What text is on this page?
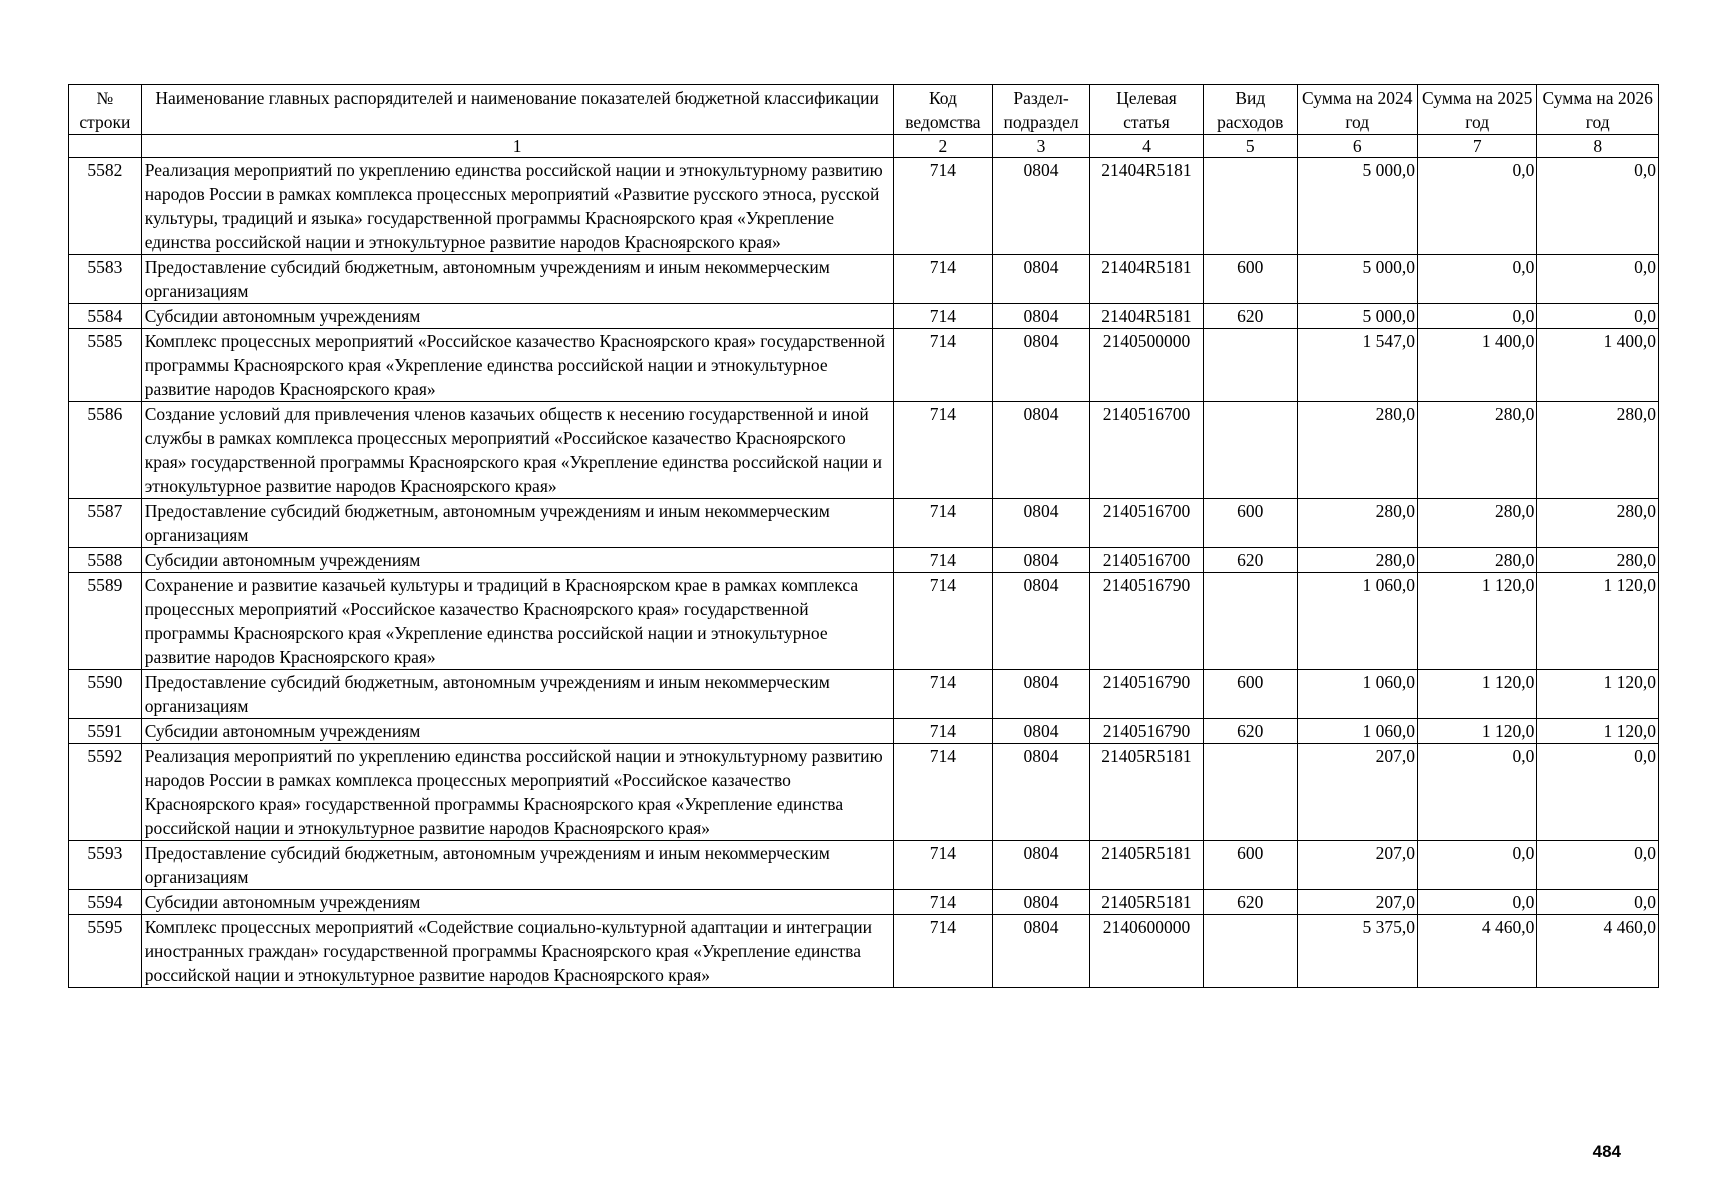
№ строки	Наименование главных распорядителей и наименование показателей бюджетной классификации	Код ведомства	Раздел-подраздел	Целевая статья	Вид расходов	Сумма на 2024 год	Сумма на 2025 год	Сумма на 2026 год
	1	2	3	4	5	6	7	8
5582	Реализация мероприятий по укреплению единства российской нации и этнокультурному развитию народов России в рамках комплекса процессных мероприятий «Развитие русского этноса, русской культуры, традиций и языка» государственной программы Красноярского края «Укрепление единства российской нации и этнокультурное развитие народов Красноярского края»	714	0804	21404R5181		5 000,0	0,0	0,0
5583	Предоставление субсидий бюджетным, автономным учреждениям и иным некоммерческим организациям	714	0804	21404R5181	600	5 000,0	0,0	0,0
5584	Субсидии автономным учреждениям	714	0804	21404R5181	620	5 000,0	0,0	0,0
5585	Комплекс процессных мероприятий «Российское казачество Красноярского края» государственной программы Красноярского края «Укрепление единства российской нации и этнокультурное развитие народов Красноярского края»	714	0804	2140500000		1 547,0	1 400,0	1 400,0
5586	Создание условий для привлечения членов казачьих обществ к несению государственной и иной службы в рамках комплекса процессных мероприятий «Российское казачество Красноярского края» государственной программы Красноярского края «Укрепление единства российской нации и этнокультурное развитие народов Красноярского края»	714	0804	2140516700		280,0	280,0	280,0
5587	Предоставление субсидий бюджетным, автономным учреждениям и иным некоммерческим организациям	714	0804	2140516700	600	280,0	280,0	280,0
5588	Субсидии автономным учреждениям	714	0804	2140516700	620	280,0	280,0	280,0
5589	Сохранение и развитие казачьей культуры и традиций в Красноярском крае в рамках комплекса процессных мероприятий «Российское казачество Красноярского края» государственной программы Красноярского края «Укрепление единства российской нации и этнокультурное развитие народов Красноярского края»	714	0804	2140516790		1 060,0	1 120,0	1 120,0
5590	Предоставление субсидий бюджетным, автономным учреждениям и иным некоммерческим организациям	714	0804	2140516790	600	1 060,0	1 120,0	1 120,0
5591	Субсидии автономным учреждениям	714	0804	2140516790	620	1 060,0	1 120,0	1 120,0
5592	Реализация мероприятий по укреплению единства российской нации и этнокультурному развитию народов России в рамках комплекса процессных мероприятий «Российское казачество Красноярского края» государственной программы Красноярского края «Укрепление единства российской нации и этнокультурное развитие народов Красноярского края»	714	0804	21405R5181		207,0	0,0	0,0
5593	Предоставление субсидий бюджетным, автономным учреждениям и иным некоммерческим организациям	714	0804	21405R5181	600	207,0	0,0	0,0
5594	Субсидии автономным учреждениям	714	0804	21405R5181	620	207,0	0,0	0,0
5595	Комплекс процессных мероприятий «Содействие социально-культурной адаптации и интеграции иностранных граждан» государственной программы Красноярского края «Укрепление единства российской нации и этнокультурное развитие народов Красноярского края»	714	0804	2140600000		5 375,0	4 460,0	4 460,0
484
